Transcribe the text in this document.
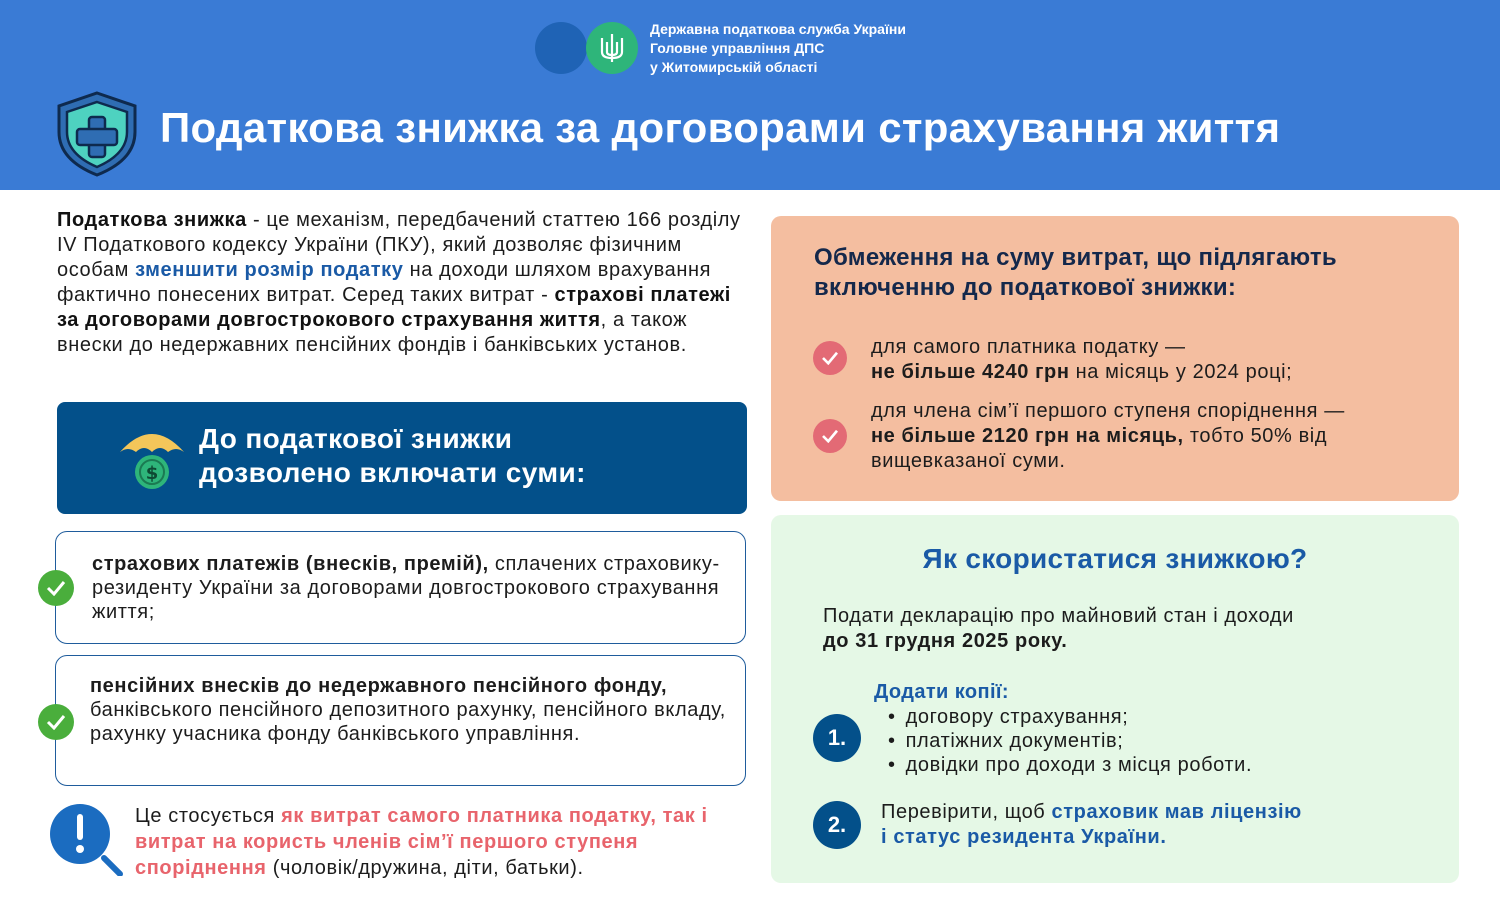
Державна податкова служба України
Головне управління ДПС
у Житомирській області
Податкова знижка за договорами страхування життя
Податкова знижка - це механізм, передбачений статтею 166 розділу IV Податкового кодексу України (ПКУ), який дозволяє фізичним особам зменшити розмір податку на доходи шляхом врахування фактично понесених витрат. Серед таких витрат - страхові платежі за договорами довгострокового страхування життя, а також внески до недержавних пенсійних фондів і банківських установ.
$
До податкової знижки
дозволено включати суми:
страхових платежів (внесків, премій), сплачених страховику-резиденту України за договорами довгострокового страхування життя;
пенсійних внесків до недержавного пенсійного фонду, банківського пенсійного депозитного рахунку, пенсійного вкладу, рахунку учасника фонду банківського управління.
Це стосується як витрат самого платника податку, так і витрат на користь членів сім’ї першого ступеня споріднення (чоловік/дружина, діти, батьки).
Обмеження на суму витрат, що підлягають
включенню до податкової знижки:
для самого платника податку —
не більше 4240 грн на місяць у 2024 році;
для члена сім’ї першого ступеня споріднення —
не більше 2120 грн на місяць, тобто 50% від вищевказаної суми.
Як скористатися знижкою?
Подати декларацію про майновий стан і доходи
до 31 грудня 2025 року.
1.
Додати копії:
• договору страхування;
• платіжних документів;
• довідки про доходи з місця роботи.
2.	Перевірити, щоб страховик мав ліцензію
і статус резидента України.
